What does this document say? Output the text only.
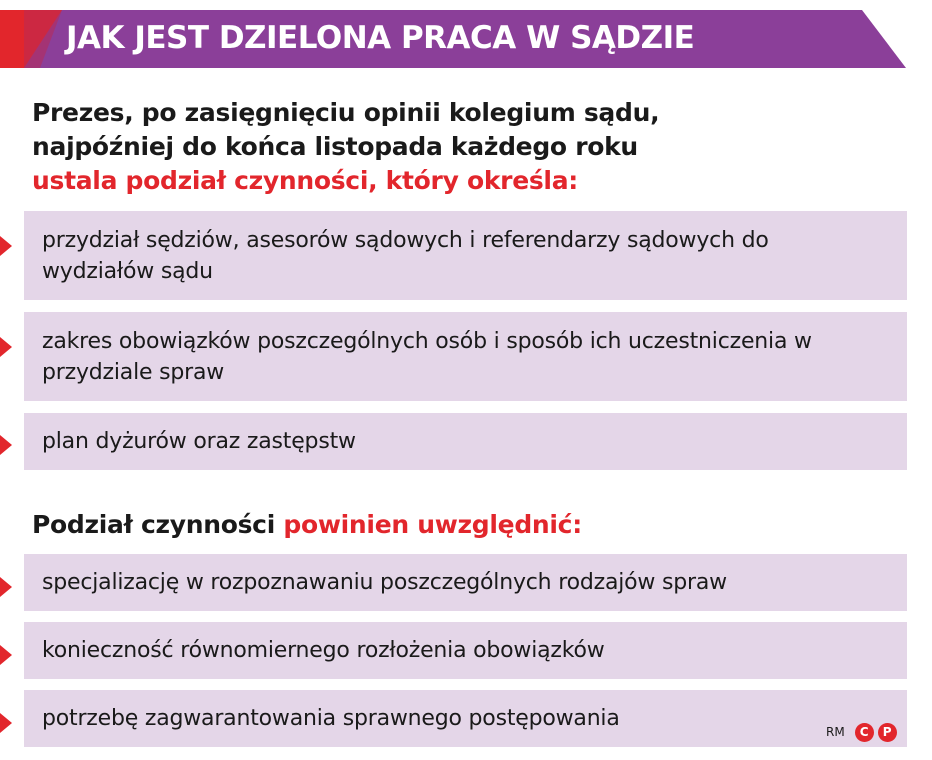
JAK JEST DZIELONA PRACA W SĄDZIE
Prezes, po zasięgnięciu opinii kolegium sądu,
najpóźniej do końca listopada każdego roku
ustala podział czynności, który określa:
przydział sędziów, asesorów sądowych i referendarzy sądowych do wydziałów sądu
zakres obowiązków poszczególnych osób i sposób ich uczestniczenia w przydziale spraw
plan dyżurów oraz zastępstw
Podział czynności powinien uwzględnić:
specjalizację w rozpoznawaniu poszczególnych rodzajów spraw
konieczność równomiernego rozłożenia obowiązków
potrzebę zagwarantowania sprawnego postępowania
RM	C	P
